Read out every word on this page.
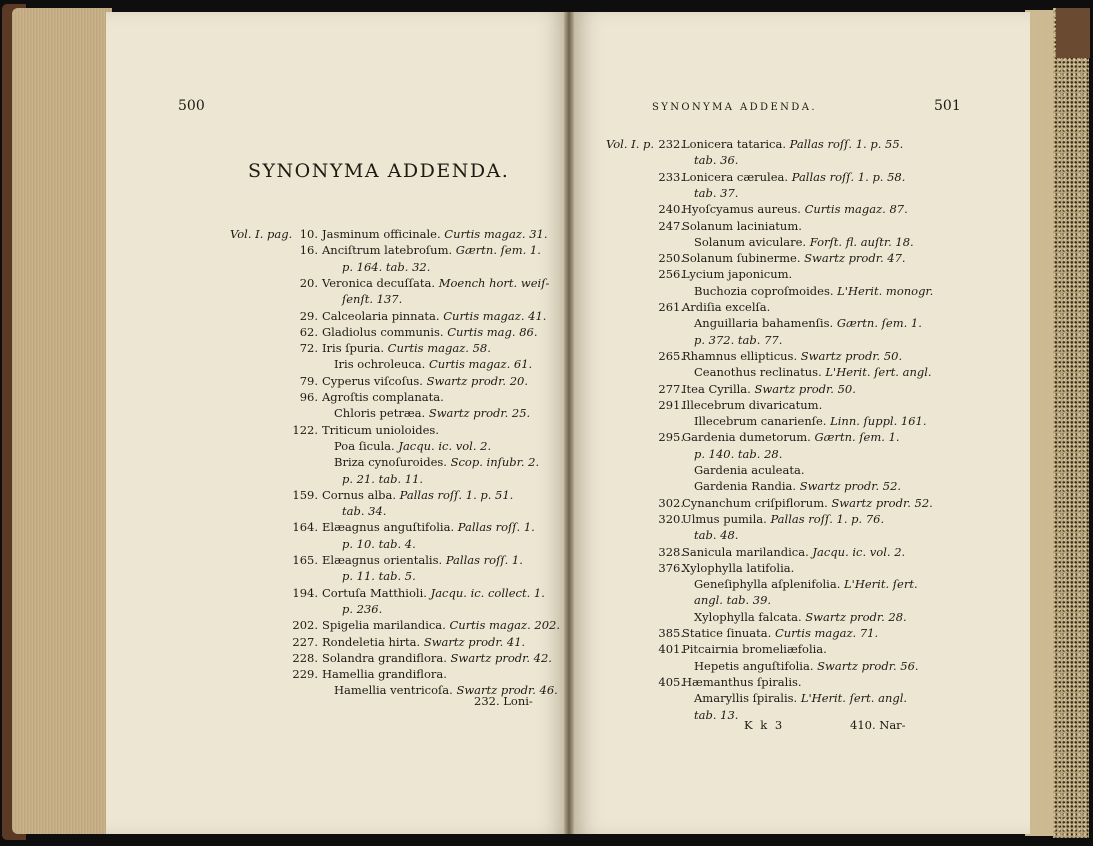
500
SYNONYMA ADDENDA.
Vol. I. pag. 10. Jasminum officinale. Curtis magaz. 31.
16. Anciſtrum latebroſum. Gærtn. ſem. 1.
p. 164. tab. 32.
20. Veronica decuſſata. Moench hort. weiſ-
ſenſt. 137.
29. Calceolaria pinnata. Curtis magaz. 41.
62. Gladiolus communis. Curtis mag. 86.
72. Iris ſpuria. Curtis magaz. 58.
Iris ochroleuca. Curtis magaz. 61.
79. Cyperus viſcoſus. Swartz prodr. 20.
96. Agroſtis complanata.
Chloris petræa. Swartz prodr. 25.
122. Triticum unioloides.
Poa ſicula. Jacqu. ic. vol. 2.
Briza cynoſuroides. Scop. inſubr. 2.
p. 21. tab. 11.
159. Cornus alba. Pallas roſſ. 1. p. 51.
tab. 34.
164. Elæagnus anguſtifolia. Pallas roſſ. 1.
p. 10. tab. 4.
165. Elæagnus orientalis. Pallas roſſ. 1.
p. 11. tab. 5.
194. Cortuſa Matthioli. Jacqu. ic. collect. 1.
p. 236.
202. Spigelia marilandica. Curtis magaz. 202.
227. Rondeletia hirta. Swartz prodr. 41.
228. Solandra grandiflora. Swartz prodr. 42.
229. Hamellia grandiflora.
Hamellia ventricoſa. Swartz prodr. 46.
232. Loni-
SYNONYMA ADDENDA.	501
Vol. I. p. 232.
Lonicera tatarica. Pallas roſſ. 1. p. 55.
tab. 36.
233.
Lonicera cærulea. Pallas roſſ. 1. p. 58.
tab. 37.
240.
Hyoſcyamus aureus. Curtis magaz. 87.
247.
Solanum laciniatum.
Solanum aviculare. Forſt. fl. auſtr. 18.
250.
Solanum ſubinerme. Swartz prodr. 47.
256.
Lycium japonicum.
Buchozia coproſmoides. L'Herit. monogr.
261.
Ardiſia excelſa.
Anguillaria bahamenſis. Gærtn. ſem. 1.
p. 372. tab. 77.
265.
Rhamnus ellipticus. Swartz prodr. 50.
Ceanothus reclinatus. L'Herit. ſert. angl.
277.
Itea Cyrilla. Swartz prodr. 50.
291.
Illecebrum divaricatum.
Illecebrum canarienſe. Linn. ſuppl. 161.
295.
Gardenia dumetorum. Gærtn. ſem. 1.
p. 140. tab. 28.
Gardenia aculeata.
Gardenia Randia. Swartz prodr. 52.
302.
Cynanchum criſpiflorum. Swartz prodr. 52.
320.
Ulmus pumila. Pallas roſſ. 1. p. 76.
tab. 48.
328.
Sanicula marilandica. Jacqu. ic. vol. 2.
376.
Xylophylla latifolia.
Geneſiphylla aſplenifolia. L'Herit. ſert.
angl. tab. 39.
Xylophylla falcata. Swartz prodr. 28.
385.
Statice ſinuata. Curtis magaz. 71.
401.
Pitcairnia bromeliæfolia.
Hepetis anguſtifolia. Swartz prodr. 56.
405.
Hæmanthus ſpiralis.
Amaryllis ſpiralis. L'Herit. ſert. angl.
tab. 13.
K k 3	410. Nar-
